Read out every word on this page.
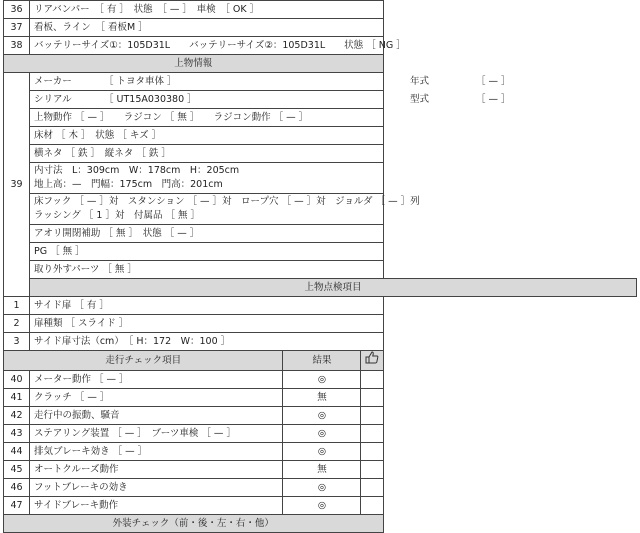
36	リアバンパー　［ 有 ］　状態　［ — ］　車検　［ OK ］		
37	看板、ライン　［ 看板M ］		
38	バッテリーサイズ①：105D31L　　バッテリーサイズ②：105D31L　　状態 ［ NG ］		
上物情報			
39	メーカー ［ トヨタ車体 ］ 年式 ［ — ］		
	シリアル ［ UT15A030380 ］ 型式 ［ — ］		
	上物動作 ［ — ］　　ラジコン ［ 無 ］　　ラジコン動作 ［ — ］		
	床材 ［ 木 ］　状態 ［ キズ ］		
	横ネタ ［ 鉄 ］　縦ネタ ［ 鉄 ］		

	内寸法　L：309cm　W：178cm　H：205cm
地上高：—　門幅：175cm　門高：201cm		

	床フック ［ — ］対　スタンション ［ — ］対　ロープ穴 ［ — ］対　ジョルダ ［ — ］列
ラッシング ［ 1 ］対　付属品 ［ 無 ］		

	アオリ開閉補助 ［ 無 ］　状態 ［ — ］		
	PG ［ 無 ］		
	取り外すパーツ ［ 無 ］		
	上物点検項目		
1	サイド扉 ［ 有 ］		
2	扉種類 ［ スライド ］		
3	サイド扉寸法（cm）　［ H：172　W：100 ］		
走行チェック項目		結果	
40	メーター動作 ［ — ］	◎	
41	クラッチ ［ — ］	無	
42	走行中の振動、騒音	◎	
43	ステアリング装置 ［ — ］　ブーツ車検 ［ — ］	◎	
44	排気ブレーキ効き ［ — ］	◎	
45	オートクルーズ動作	無	
46	フットブレーキの効き	◎	
47	サイドブレーキ動作	◎	
外装チェック（前・後・左・右・他）			
